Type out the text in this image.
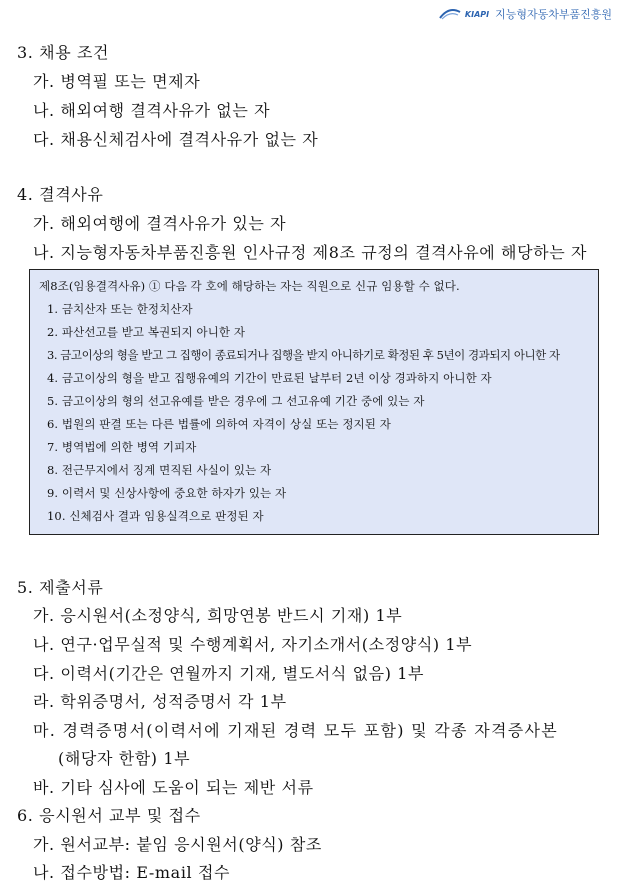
KIAPI 지능형자동차부품진흥원
3. 채용 조건
가. 병역필 또는 면제자
나. 해외여행 결격사유가 없는 자
다. 채용신체검사에 결격사유가 없는 자
4. 결격사유
가. 해외여행에 결격사유가 있는 자
나. 지능형자동차부품진흥원 인사규정 제8조 규정의 결격사유에 해당하는 자
제8조(임용결격사유) ① 다음 각 호에 해당하는 자는 직원으로 신규 임용할 수 없다.
1. 금치산자 또는 한정치산자
2. 파산선고를 받고 복권되지 아니한 자
3. 금고이상의 형을 받고 그 집행이 종료되거나 집행을 받지 아니하기로 확정된 후 5년이 경과되지 아니한 자
4. 금고이상의 형을 받고 집행유예의 기간이 만료된 날부터 2년 이상 경과하지 아니한 자
5. 금고이상의 형의 선고유예를 받은 경우에 그 선고유예 기간 중에 있는 자
6. 법원의 판결 또는 다른 법률에 의하여 자격이 상실 또는 정지된 자
7. 병역법에 의한 병역 기피자
8. 전근무지에서 징계 면직된 사실이 있는 자
9. 이력서 및 신상사항에 중요한 하자가 있는 자
10. 신체검사 결과 임용실격으로 판정된 자
5. 제출서류
가. 응시원서(소정양식, 희망연봉 반드시 기재) 1부
나. 연구·업무실적 및 수행계획서, 자기소개서(소정양식) 1부
다. 이력서(기간은 연월까지 기재, 별도서식 없음) 1부
라. 학위증명서, 성적증명서 각 1부
마. 경력증명서(이력서에 기재된 경력 모두 포함) 및 각종 자격증사본
(해당자 한함) 1부
바. 기타 심사에 도움이 되는 제반 서류
6. 응시원서 교부 및 접수
가. 원서교부: 붙임 응시원서(양식) 참조
나. 접수방법: E-mail 접수
